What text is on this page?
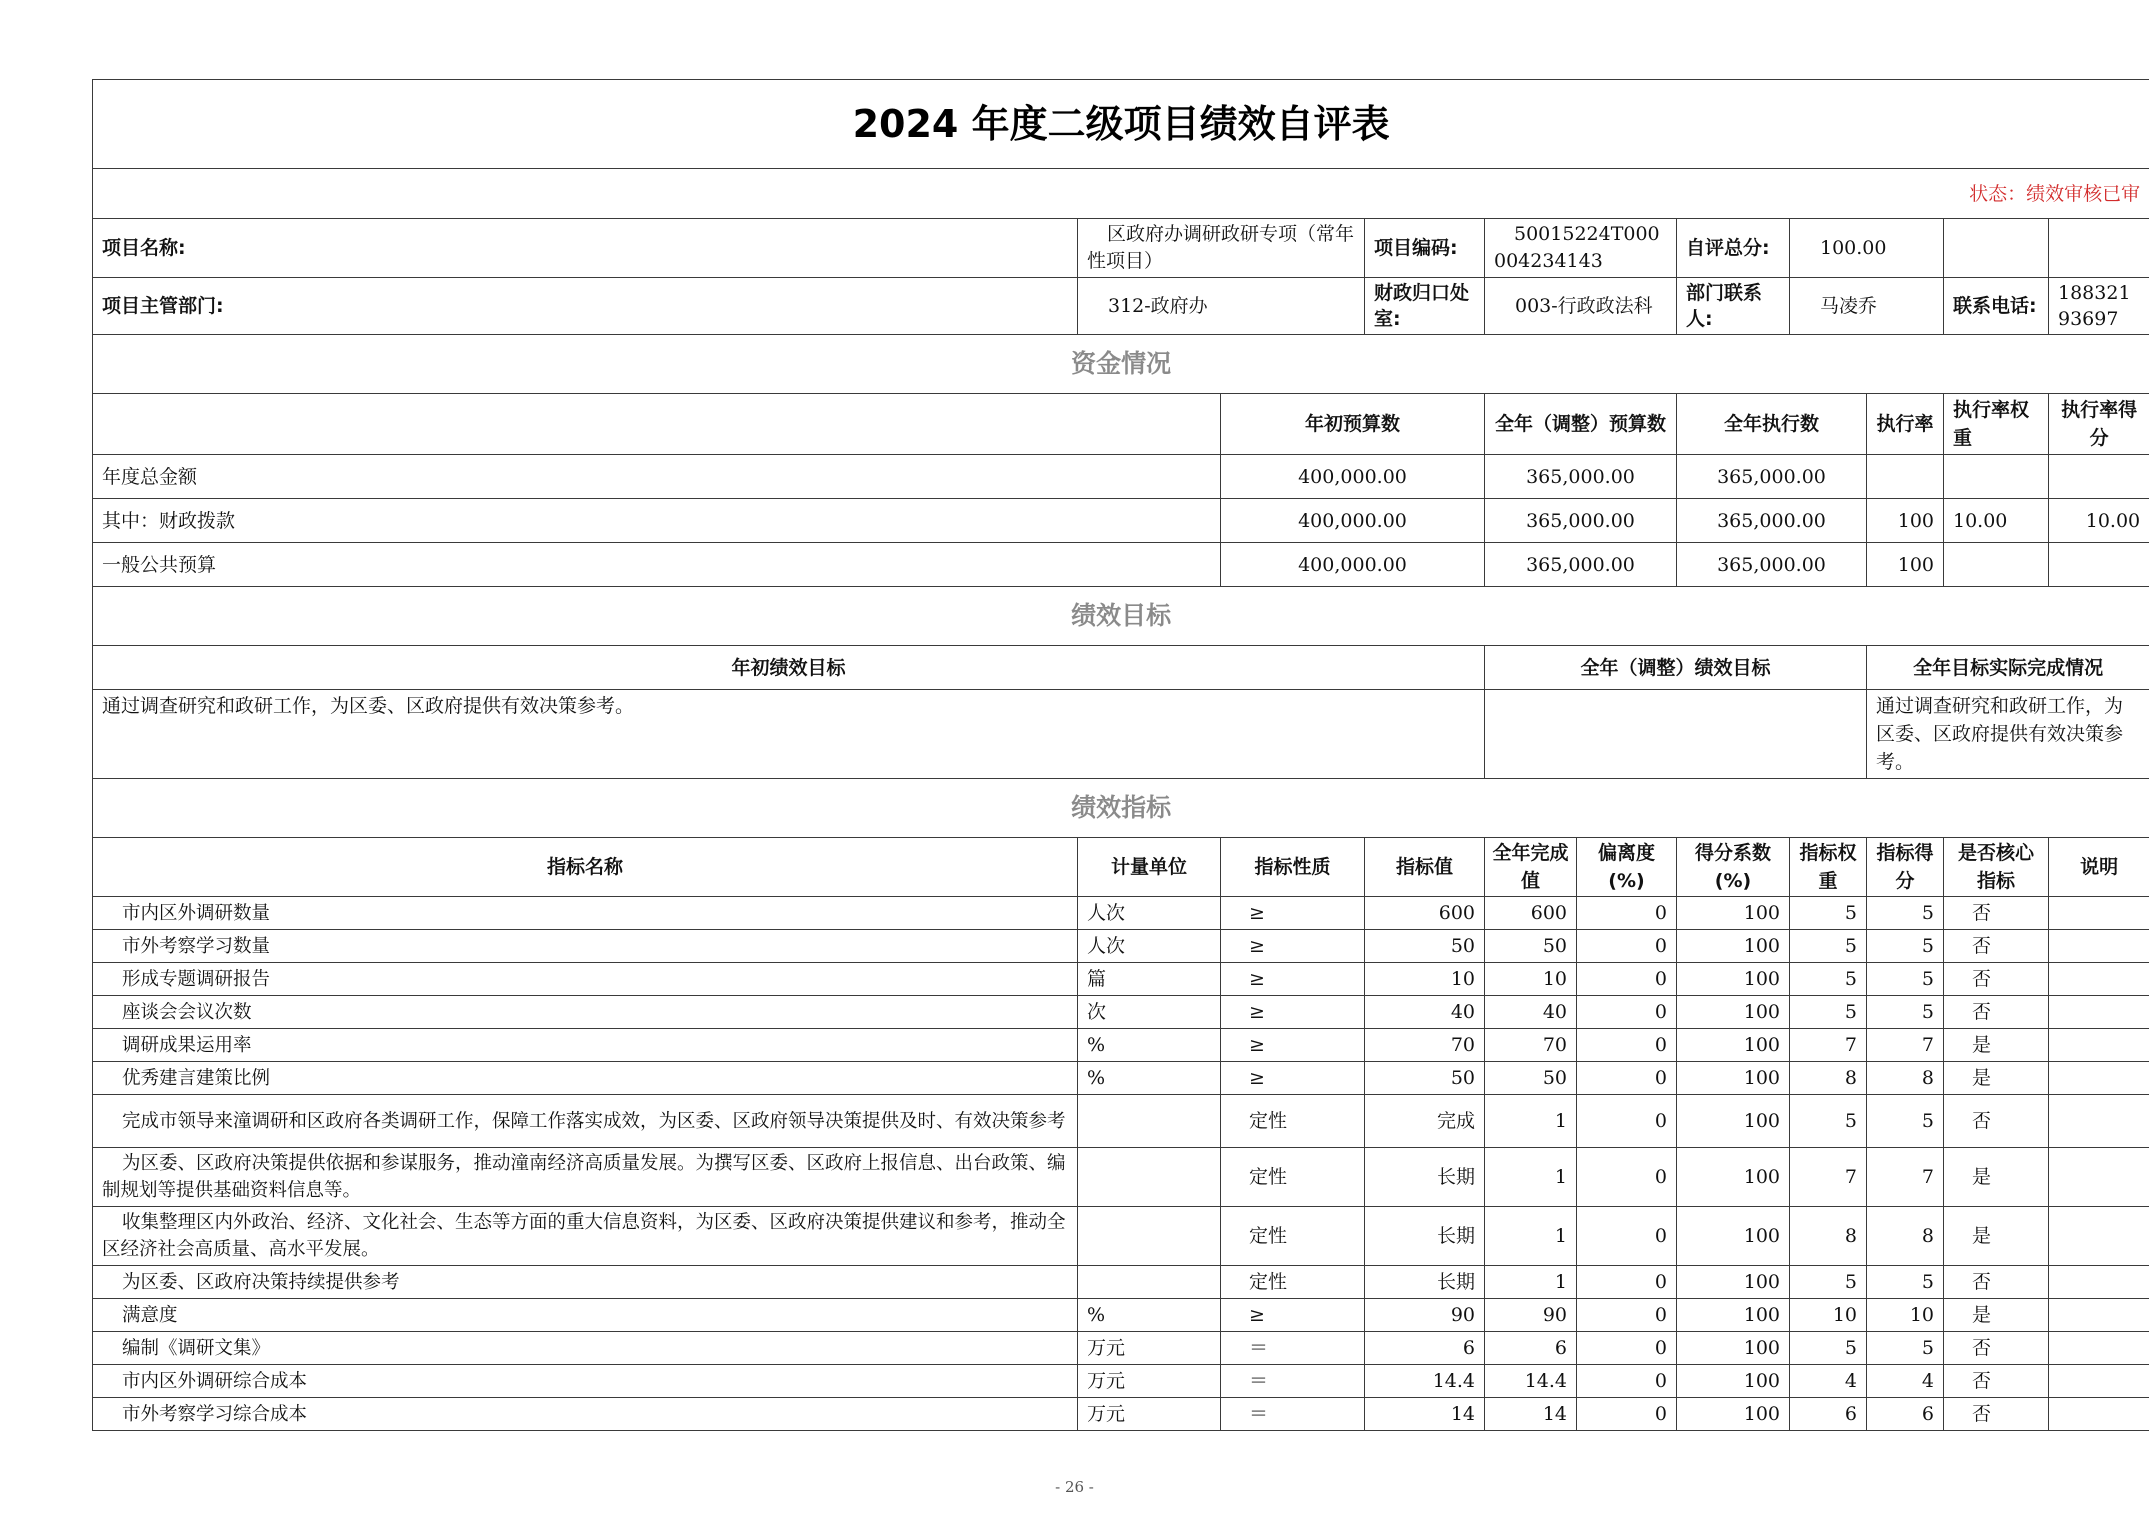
2024 年度二级项目绩效自评表										
状态：绩效审核已审										
项目名称:	区政府办调研政研专项（常年性项目）		项目编码:	50015224T000004234143		自评总分:	100.00			
项目主管部门:	312-政府办		财政归口处室:	003-行政政法科		部门联系人:	马凌乔		联系电话:	18832193697
资金情况										
		年初预算数		全年（调整）预算数		全年执行数		执行率	执行率权重	执行率得分
年度总金额		400,000.00		365,000.00		365,000.00				
其中：财政拨款		400,000.00		365,000.00		365,000.00		100	10.00	10.00
一般公共预算		400,000.00		365,000.00		365,000.00		100		
绩效目标										
年初绩效目标				全年（调整）绩效目标				全年目标实际完成情况		
通过调查研究和政研工作，为区委、区政府提供有效决策参考。								通过调查研究和政研工作，为区委、区政府提供有效决策参考。		
绩效指标										
指标名称	计量单位	指标性质	指标值	全年完成值	偏离度(%)	得分系数(%)	指标权重	指标得分	是否核心指标	说明
市内区外调研数量	人次	≥	600	600	0	100	5	5	否	
市外考察学习数量	人次	≥	50	50	0	100	5	5	否	
形成专题调研报告	篇	≥	10	10	0	100	5	5	否	
座谈会会议次数	次	≥	40	40	0	100	5	5	否	
调研成果运用率	%	≥	70	70	0	100	7	7	是	
优秀建言建策比例	%	≥	50	50	0	100	8	8	是	
完成市领导来潼调研和区政府各类调研工作，保障工作落实成效，为区委、区政府领导决策提供及时、有效决策参考		定性	完成	1	0	100	5	5	否	
为区委、区政府决策提供依据和参谋服务，推动潼南经济高质量发展。为撰写区委、区政府上报信息、出台政策、编制规划等提供基础资料信息等。		定性	长期	1	0	100	7	7	是	
收集整理区内外政治、经济、文化社会、生态等方面的重大信息资料，为区委、区政府决策提供建议和参考，推动全区经济社会高质量、高水平发展。		定性	长期	1	0	100	8	8	是	
为区委、区政府决策持续提供参考		定性	长期	1	0	100	5	5	否	
满意度	%	≥	90	90	0	100	10	10	是	
编制《调研文集》	万元	＝	6	6	0	100	5	5	否	
市内区外调研综合成本	万元	＝	14.4	14.4	0	100	4	4	否	
市外考察学习综合成本	万元	＝	14	14	0	100	6	6	否	
- 26 -
